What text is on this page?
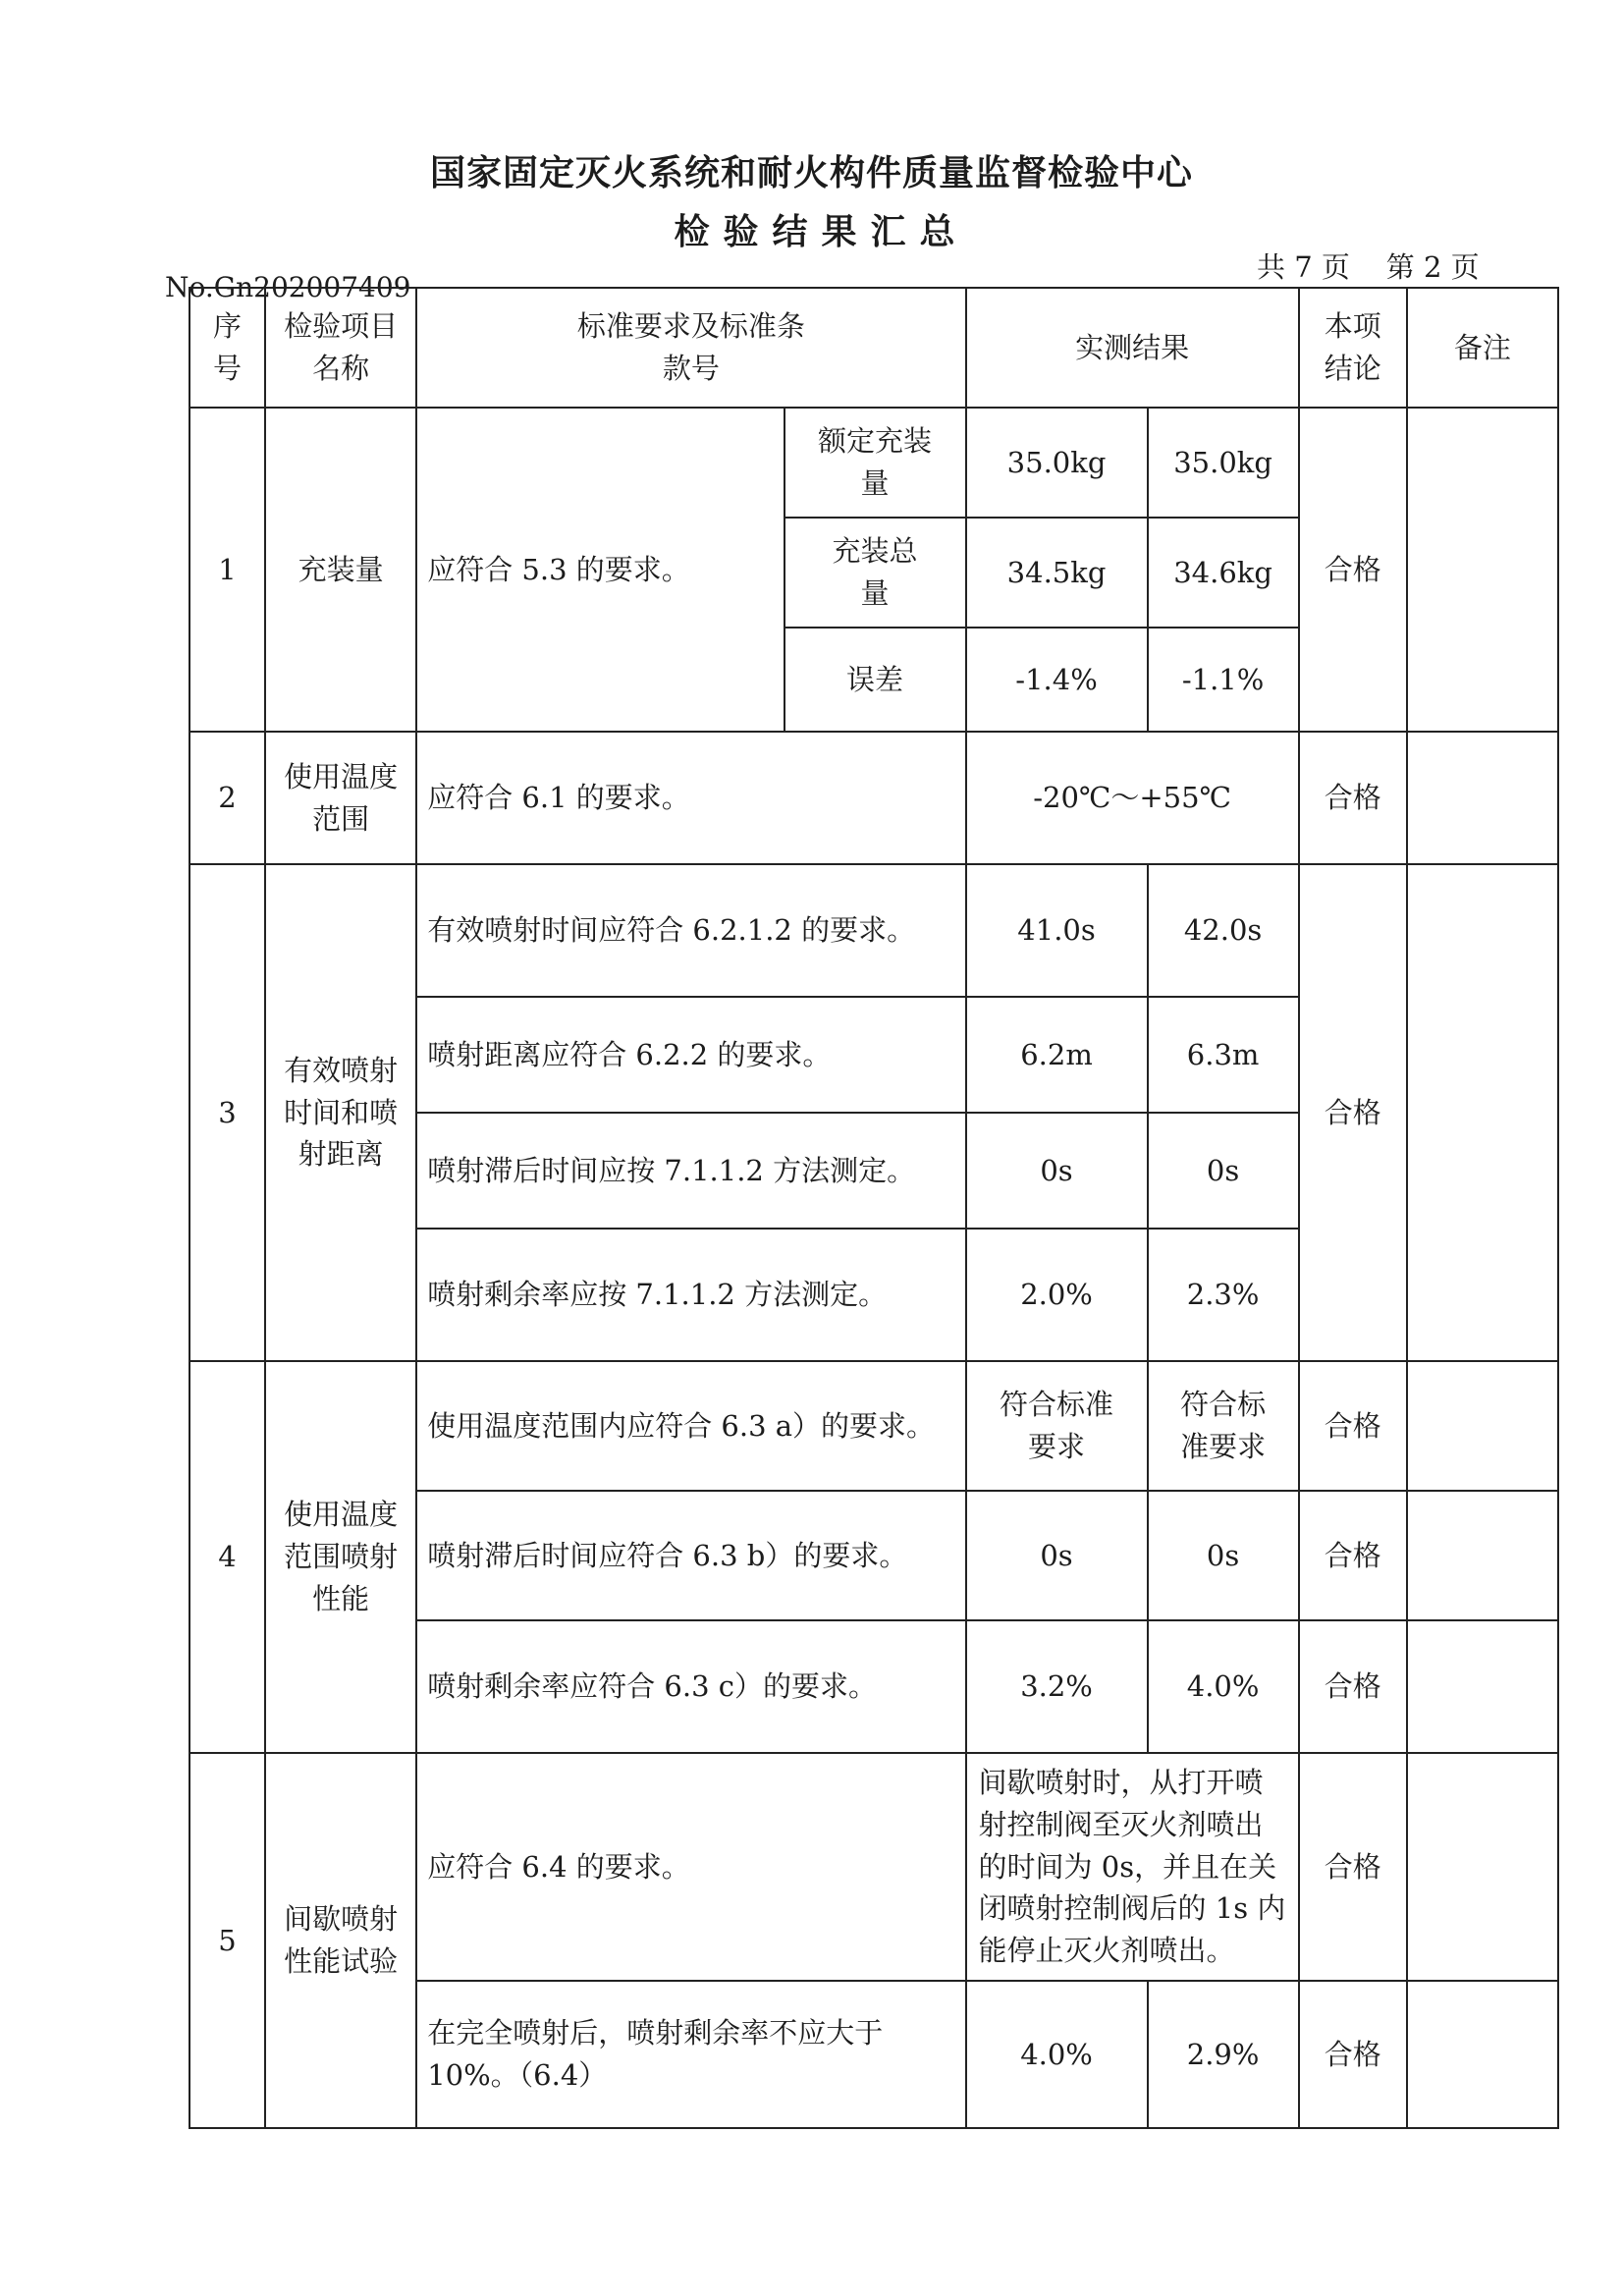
国家固定灭火系统和耐火构件质量监督检验中心
检验结果汇总
No.Gn202007409
共 7 页 第 2 页
序号	检验项目名称	标准要求及标准条款号		实测结果		本项结论	备注
1	充装量	应符合 5.3 的要求。	额定充装量	35.0kg	35.0kg	合格	
			充装总量	34.5kg	34.6kg		
			误差	-1.4%	-1.1%		
2	使用温度范围	应符合 6.1 的要求。		-20℃～+55℃		合格	
3	有效喷射时间和喷射距离	有效喷射时间应符合 6.2.1.2 的要求。		41.0s	42.0s	合格	
		喷射距离应符合 6.2.2 的要求。		6.2m	6.3m		
		喷射滞后时间应按 7.1.1.2 方法测定。		0s	0s		
		喷射剩余率应按 7.1.1.2 方法测定。		2.0%	2.3%		
4	使用温度范围喷射性能	使用温度范围内应符合 6.3 a）的要求。		符合标准要求	符合标准要求	合格	
		喷射滞后时间应符合 6.3 b）的要求。		0s	0s	合格	
		喷射剩余率应符合 6.3 c）的要求。		3.2%	4.0%	合格	
5	间歇喷射性能试验	应符合 6.4 的要求。		间歇喷射时，从打开喷射控制阀至灭火剂喷出的时间为 0s，并且在关闭喷射控制阀后的 1s 内能停止灭火剂喷出。		合格	
		在完全喷射后，喷射剩余率不应大于 10%。（6.4）		4.0%	2.9%	合格	
